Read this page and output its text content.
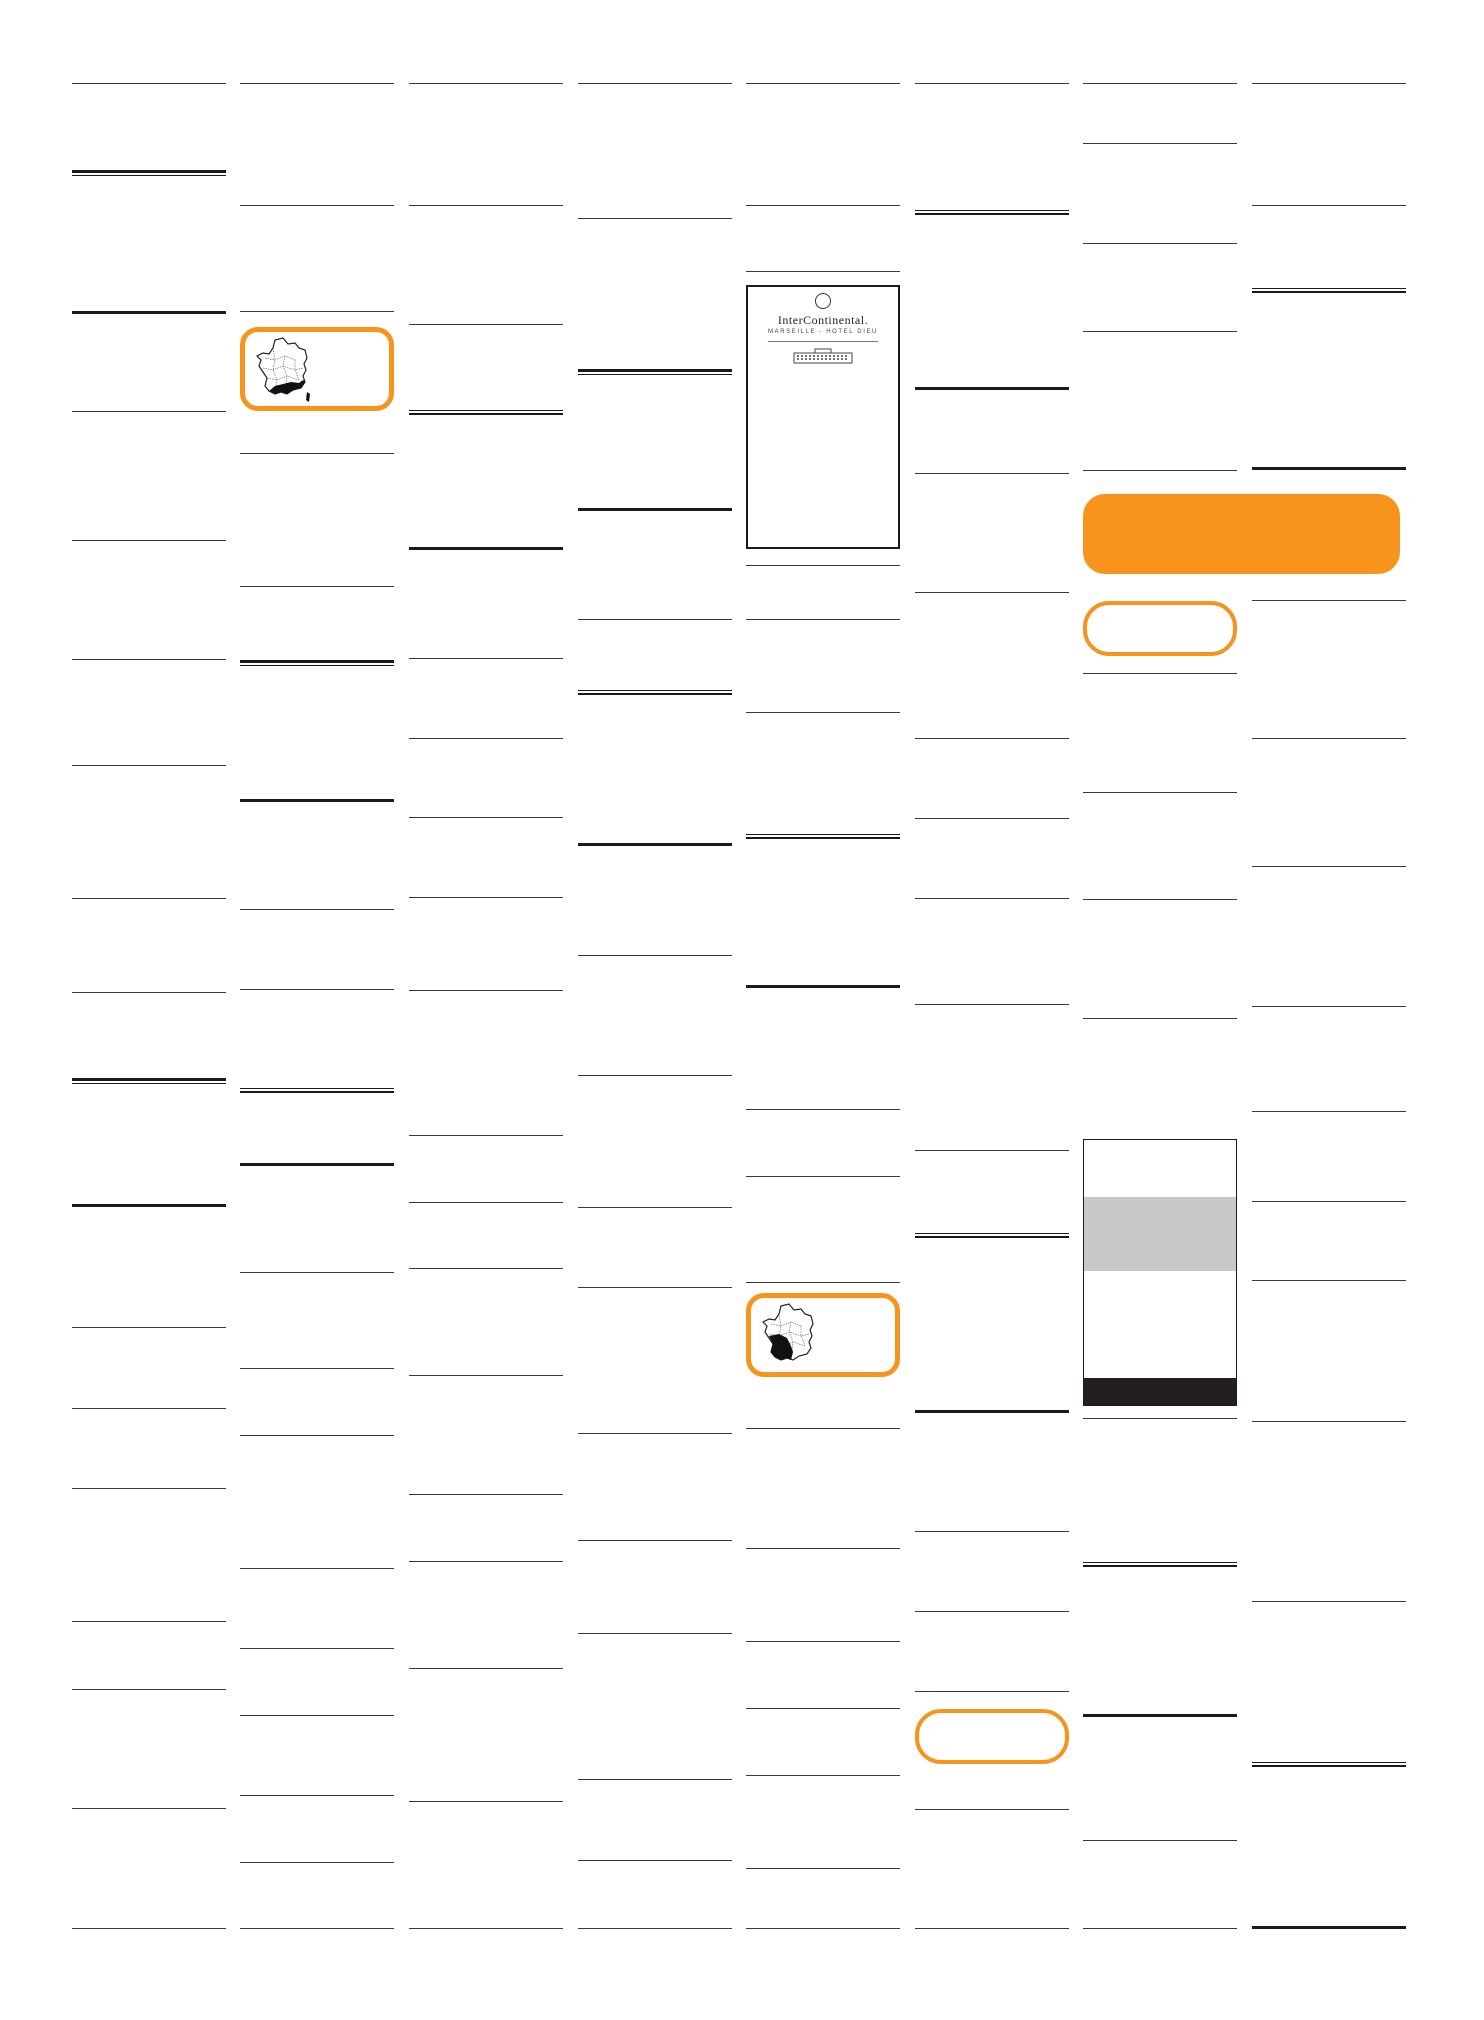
InterContinental.
MARSEILLE - HOTEL DIEU
